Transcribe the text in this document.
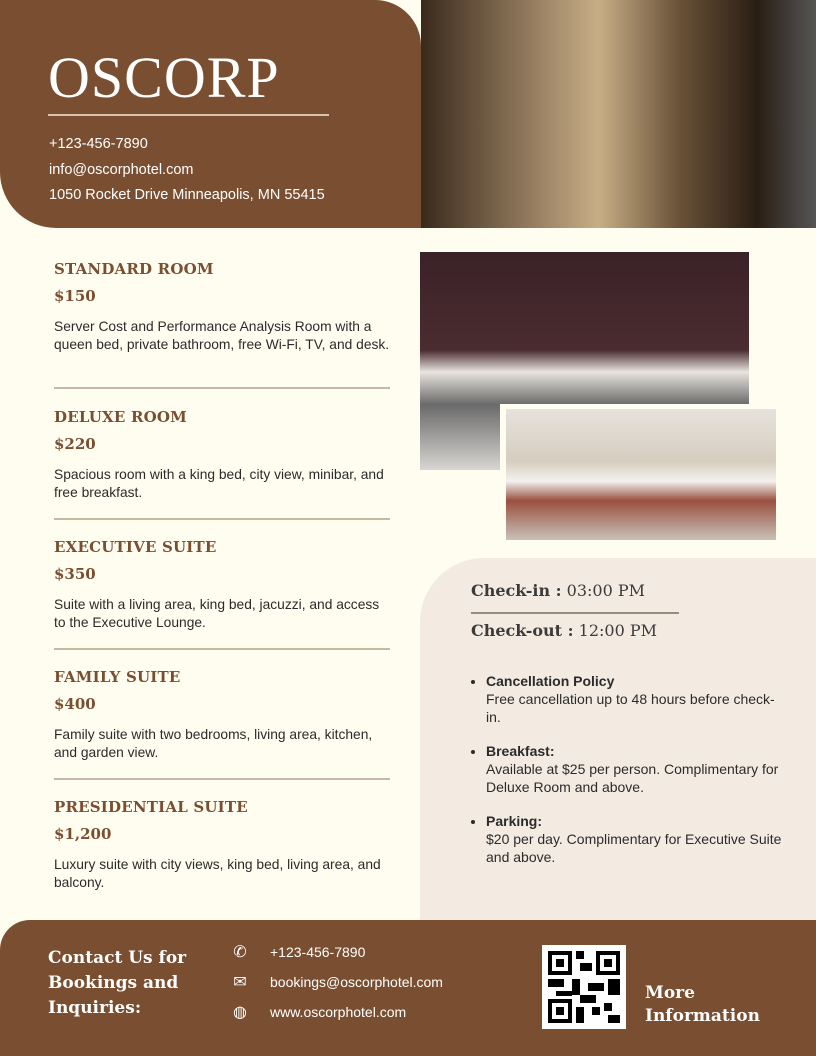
OSCORP
+123-456-7890
info@oscorphotel.com
1050 Rocket Drive Minneapolis, MN 55415
STANDARD ROOM
$150

Server Cost and Performance Analysis Room with a queen bed, private bathroom, free Wi-Fi, TV, and desk.

DELUXE ROOM
$220

Spacious room with a king bed, city view, minibar, and free breakfast.

EXECUTIVE SUITE
$350

Suite with a living area, king bed, jacuzzi, and access to the Executive Lounge.

FAMILY SUITE
$400

Family suite with two bedrooms, living area, kitchen, and garden view.

PRESIDENTIAL SUITE
$1,200

Luxury suite with city views, king bed, living area, and balcony.

Check-in : 03:00 PM
Check-out : 12:00 PM
• Cancellation Policy
Free cancellation up to 48 hours before check-in.
• Breakfast:
Available at $25 per person. Complimentary for Deluxe Room and above.
• Parking:
$20 per day. Complimentary for Executive Suite and above.
Contact Us for Bookings and Inquiries:
✆ +123-456-7890
✉ bookings@oscorphotel.com
◍ www.oscorphotel.com
More Information
